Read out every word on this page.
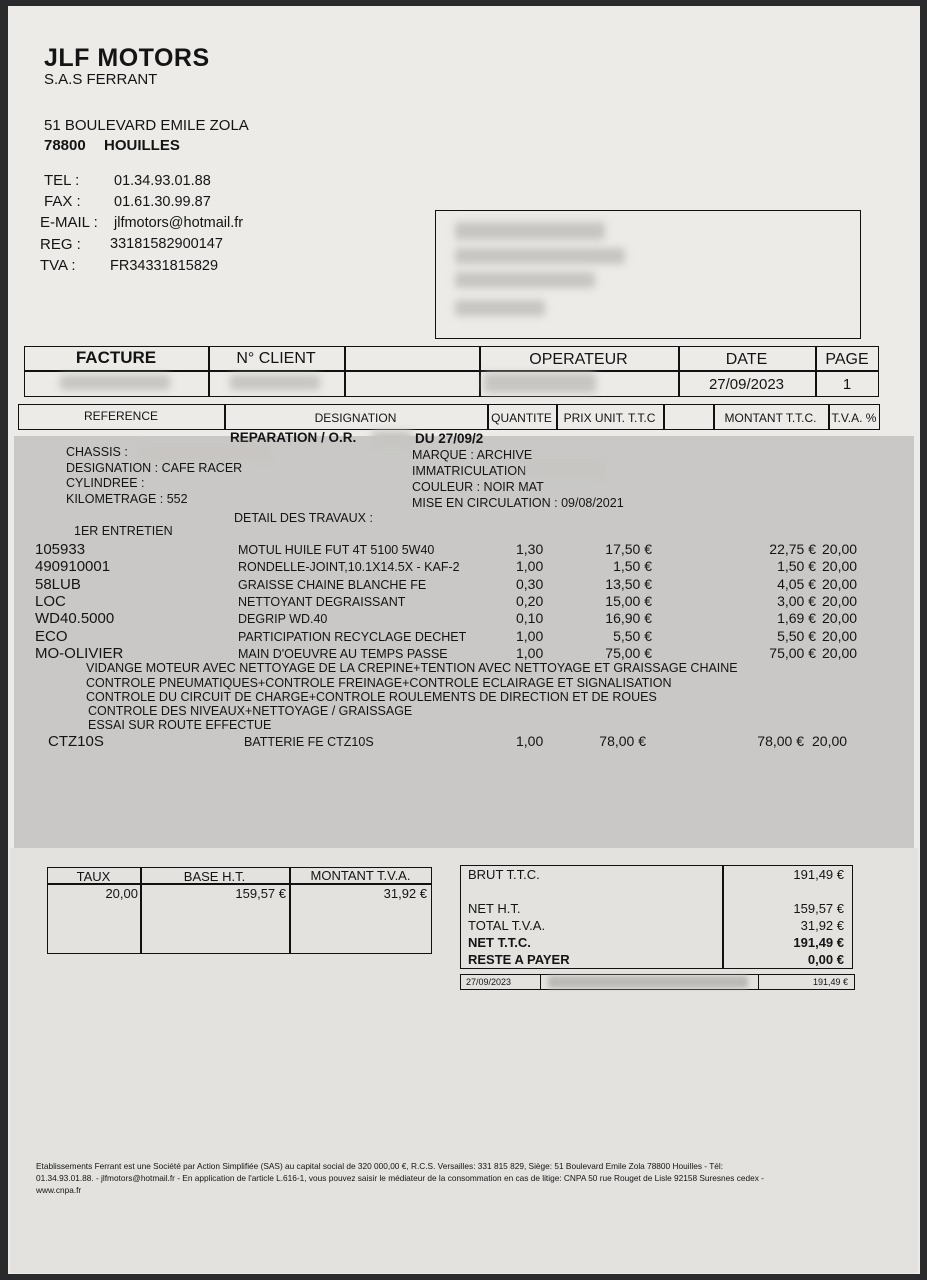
JLF MOTORS
S.A.S FERRANT
51 BOULEVARD EMILE ZOLA
78800 HOUILLES
TEL : 01.34.93.01.88
FAX : 01.61.30.99.87
E-MAIL : jlfmotors@hotmail.fr
REG : 33181582900147
TVA : FR34331815829
FACTURE	N° CLIENT	OPERATEUR	DATE	PAGE
27/09/2023	1
REFERENCE	DESIGNATION	QUANTITE PRIX UNIT. T.T.C	MONTANT T.T.C.	T.V.A. %
REPARATION / O.R.	DU 27/09/2
CHASSIS :
DESIGNATION : CAFE RACER
CYLINDREE :
KILOMETRAGE : 552
MARQUE : ARCHIVE
IMMATRICULATION
COULEUR : NOIR MAT
MISE EN CIRCULATION : 09/08/2021
DETAIL DES TRAVAUX :
1ER ENTRETIEN
105933	MOTUL HUILE FUT 4T 5100 5W40	1,30	17,50 €	22,75 € 20,00
490910001	RONDELLE-JOINT,10.1X14.5X - KAF-2	1,00	1,50 €	1,50 € 20,00
58LUB	GRAISSE CHAINE BLANCHE FE	0,30	13,50 €	4,05 € 20,00
LOC	NETTOYANT DEGRAISSANT	0,20	15,00 €	3,00 € 20,00
WD40.5000	DEGRIP WD.40	0,10	16,90 €	1,69 € 20,00
ECO	PARTICIPATION RECYCLAGE DECHET	1,00	5,50 €	5,50 € 20,00
MO-OLIVIER	MAIN D'OEUVRE AU TEMPS PASSE	1,00	75,00 €	75,00 € 20,00
VIDANGE MOTEUR AVEC NETTOYAGE DE LA CREPINE+TENTION AVEC NETTOYAGE ET GRAISSAGE CHAINE
CONTROLE PNEUMATIQUES+CONTROLE FREINAGE+CONTROLE ECLAIRAGE ET SIGNALISATION
CONTROLE DU CIRCUIT DE CHARGE+CONTROLE ROULEMENTS DE DIRECTION ET DE ROUES
CONTROLE DES NIVEAUX+NETTOYAGE / GRAISSAGE
ESSAI SUR ROUTE EFFECTUE
CTZ10S	BATTERIE FE CTZ10S	1,00	78,00 €	78,00 € 20,00
TAUX	BASE H.T.	MONTANT T.V.A.
20,00	159,57 €	31,92 €
BRUT T.T.C.	191,49 €
NET H.T.	159,57 €
TOTAL T.V.A.	31,92 €
NET T.T.C.	191,49 €
RESTE A PAYER	0,00 €
27/09/2023	191,49 €
Etablissements Ferrant est une Société par Action Simplifiée (SAS) au capital social de 320 000,00 €, R.C.S. Versailles: 331 815 829, Siège: 51 Boulevard Emile Zola 78800 Houilles - Tél:
01.34.93.01.88. - jlfmotors@hotmail.fr - En application de l'article L.616-1, vous pouvez saisir le médiateur de la consommation en cas de litige: CNPA 50 rue Rouget de Lisle 92158 Suresnes cedex -
www.cnpa.fr
